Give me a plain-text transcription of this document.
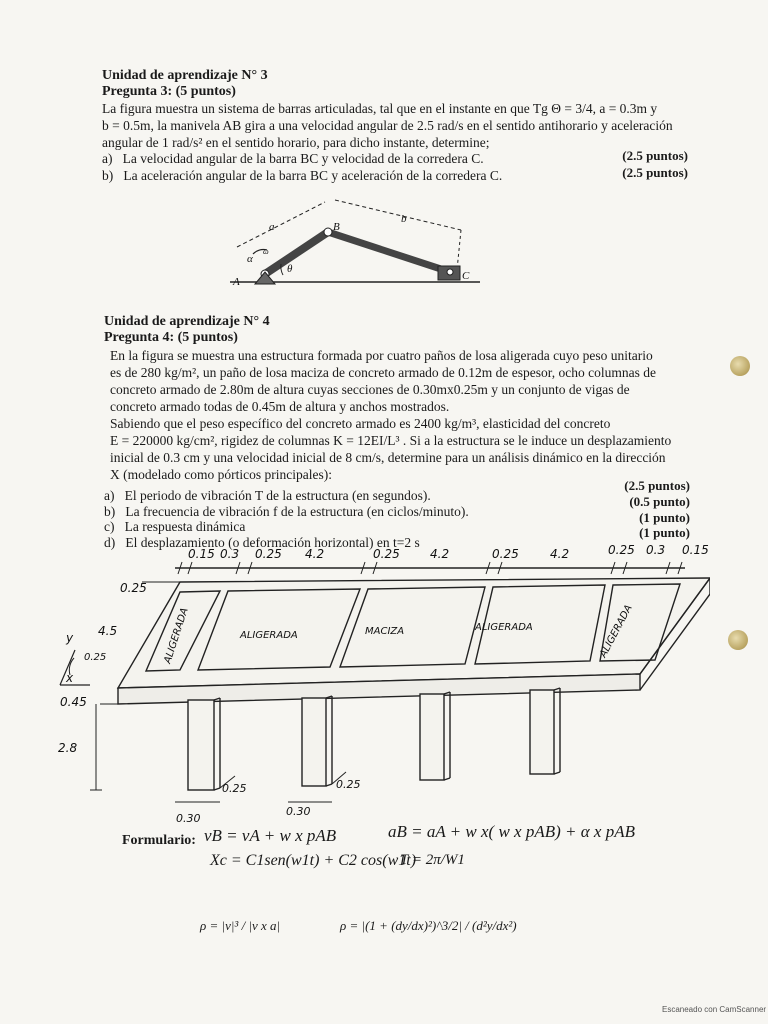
Unidad de aprendizaje N° 3
Pregunta 3: (5 puntos)
La figura muestra un sistema de barras articuladas, tal que en el instante en que Tg Θ = 3/4, a = 0.3m y
b = 0.5m, la manivela AB gira a una velocidad angular de 2.5 rad/s en el sentido antihorario y aceleración
angular de 1 rad/s² en el sentido horario, para dicho instante, determine;
a) La velocidad angular de la barra BC y velocidad de la corredera C.	(2.5 puntos)
b) La aceleración angular de la barra BC y aceleración de la corredera C.	(2.5 puntos)
a
b
B
A	C
θ
α
ω
Unidad de aprendizaje N° 4
Pregunta 4: (5 puntos)
En la figura se muestra una estructura formada por cuatro paños de losa aligerada cuyo peso unitario
es de 280 kg/m², un paño de losa maciza de concreto armado de 0.12m de espesor, ocho columnas de
concreto armado de 2.80m de altura cuyas secciones de 0.30mx0.25m y un conjunto de vigas de
concreto armado todas de 0.45m de altura y anchos mostrados.
Sabiendo que el peso específico del concreto armado es 2400 kg/m³, elasticidad del concreto
E = 220000 kg/cm², rigidez de columnas K = 12EI/L³ . Si a la estructura se le induce un desplazamiento
inicial de 0.3 cm y una velocidad inicial de 8 cm/s, determine para un análisis dinámico en la dirección
X (modelado como pórticos principales):
a) El periodo de vibración T de la estructura (en segundos).
(2.5 puntos)
b) La frecuencia de vibración f de la estructura (en ciclos/minuto).
(0.5 punto)
c) La respuesta dinámica
(1 punto)
d) El desplazamiento (o deformación horizontal) en t=2 s
(1 punto)
0.15 0.3 0.25 4.2	0.25	4.2	0.25	4.2	0.25 0.3 0.15
0.25
4.5
0.25
0.45
2.8
y
x
0.25	0.25
0.30
0.30
ALIGERADA	ALIGERADA	MACIZA	ALIGERADA	ALIGERADA
Formulario: vB = vA + w x pAB	aB = aA + w x( w x pAB) + α x pAB
Xc = C1sen(w1t) + C2 cos(w1t)
T = 2π/W1
ρ = |v|³ / |v x a|	ρ = |(1 + (dy/dx)²)^3/2| / (d²y/dx²)
Escaneado con CamScanner
